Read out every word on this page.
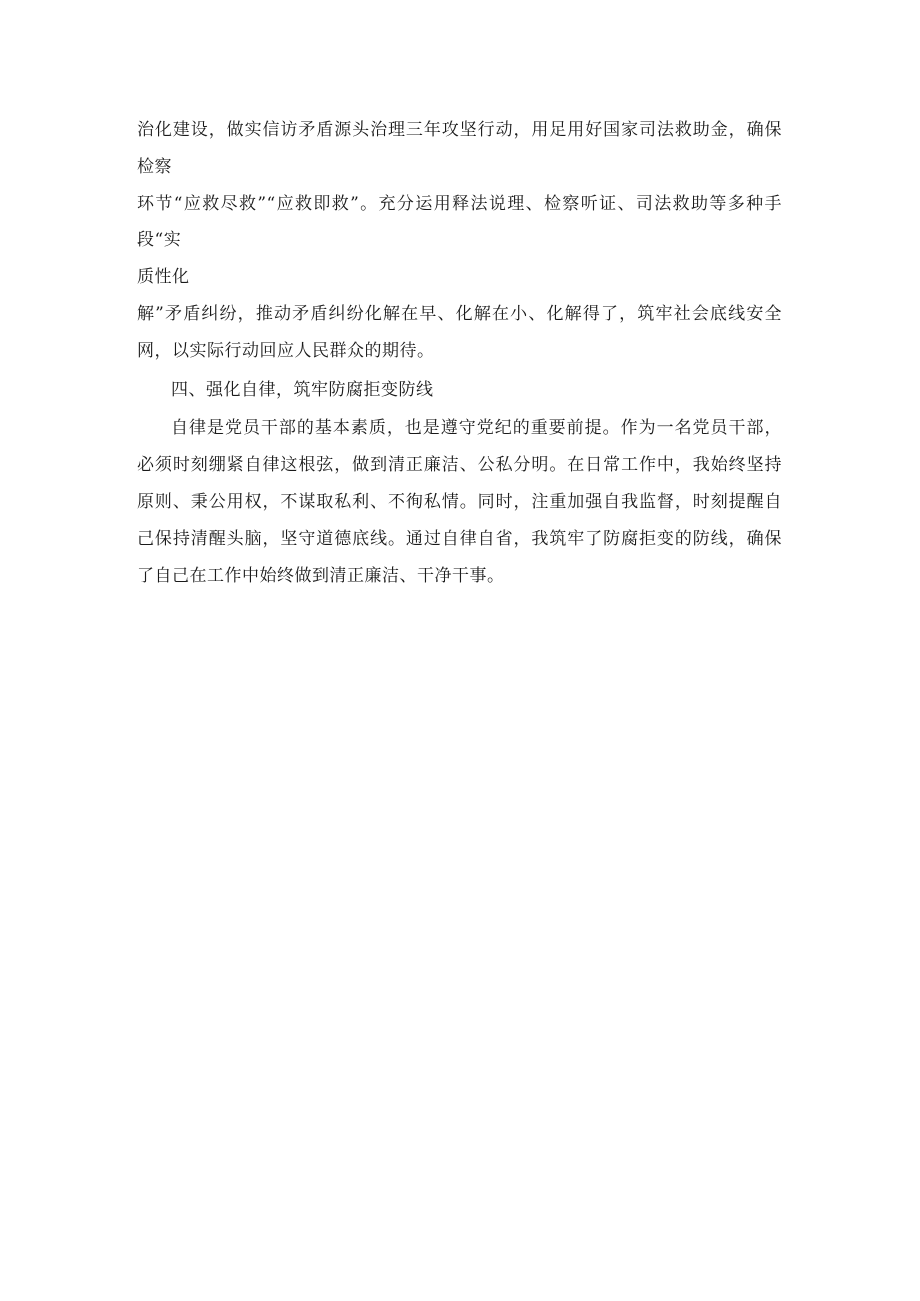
治化建设，做实信访矛盾源头治理三年攻坚行动，用足用好国家司法救助金，确保检察

环节“应救尽救”“应救即救”。充分运用释法说理、检察听证、司法救助等多种手段“实

质性化

解”矛盾纠纷，推动矛盾纠纷化解在早、化解在小、化解得了，筑牢社会底线安全网，以实际行动回应人民群众的期待。

四、强化自律，筑牢防腐拒变防线

自律是党员干部的基本素质，也是遵守党纪的重要前提。作为一名党员干部，必须时刻绷紧自律这根弦，做到清正廉洁、公私分明。在日常工作中，我始终坚持原则、秉公用权，不谋取私利、不徇私情。同时，注重加强自我监督，时刻提醒自己保持清醒头脑，坚守道德底线。通过自律自省，我筑牢了防腐拒变的防线，确保了自己在工作中始终做到清正廉洁、干净干事。
